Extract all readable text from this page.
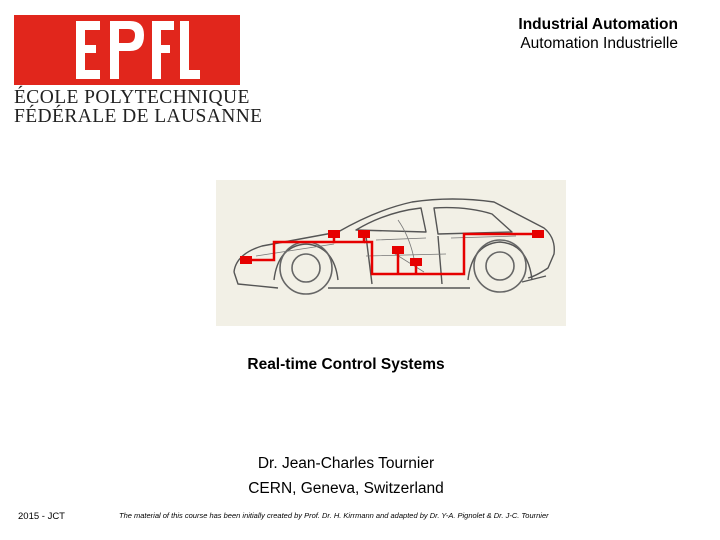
ÉCOLE POLYTECHNIQUE
FÉDÉRALE DE LAUSANNE
Industrial Automation
Automation Industrielle
Real-time Control Systems
Dr. Jean-Charles Tournier
CERN, Geneva, Switzerland
2015 - JCT	The material of this course has been initially created by Prof. Dr. H. Kirrmann and adapted by Dr. Y-A. Pignolet & Dr. J-C. Tournier
